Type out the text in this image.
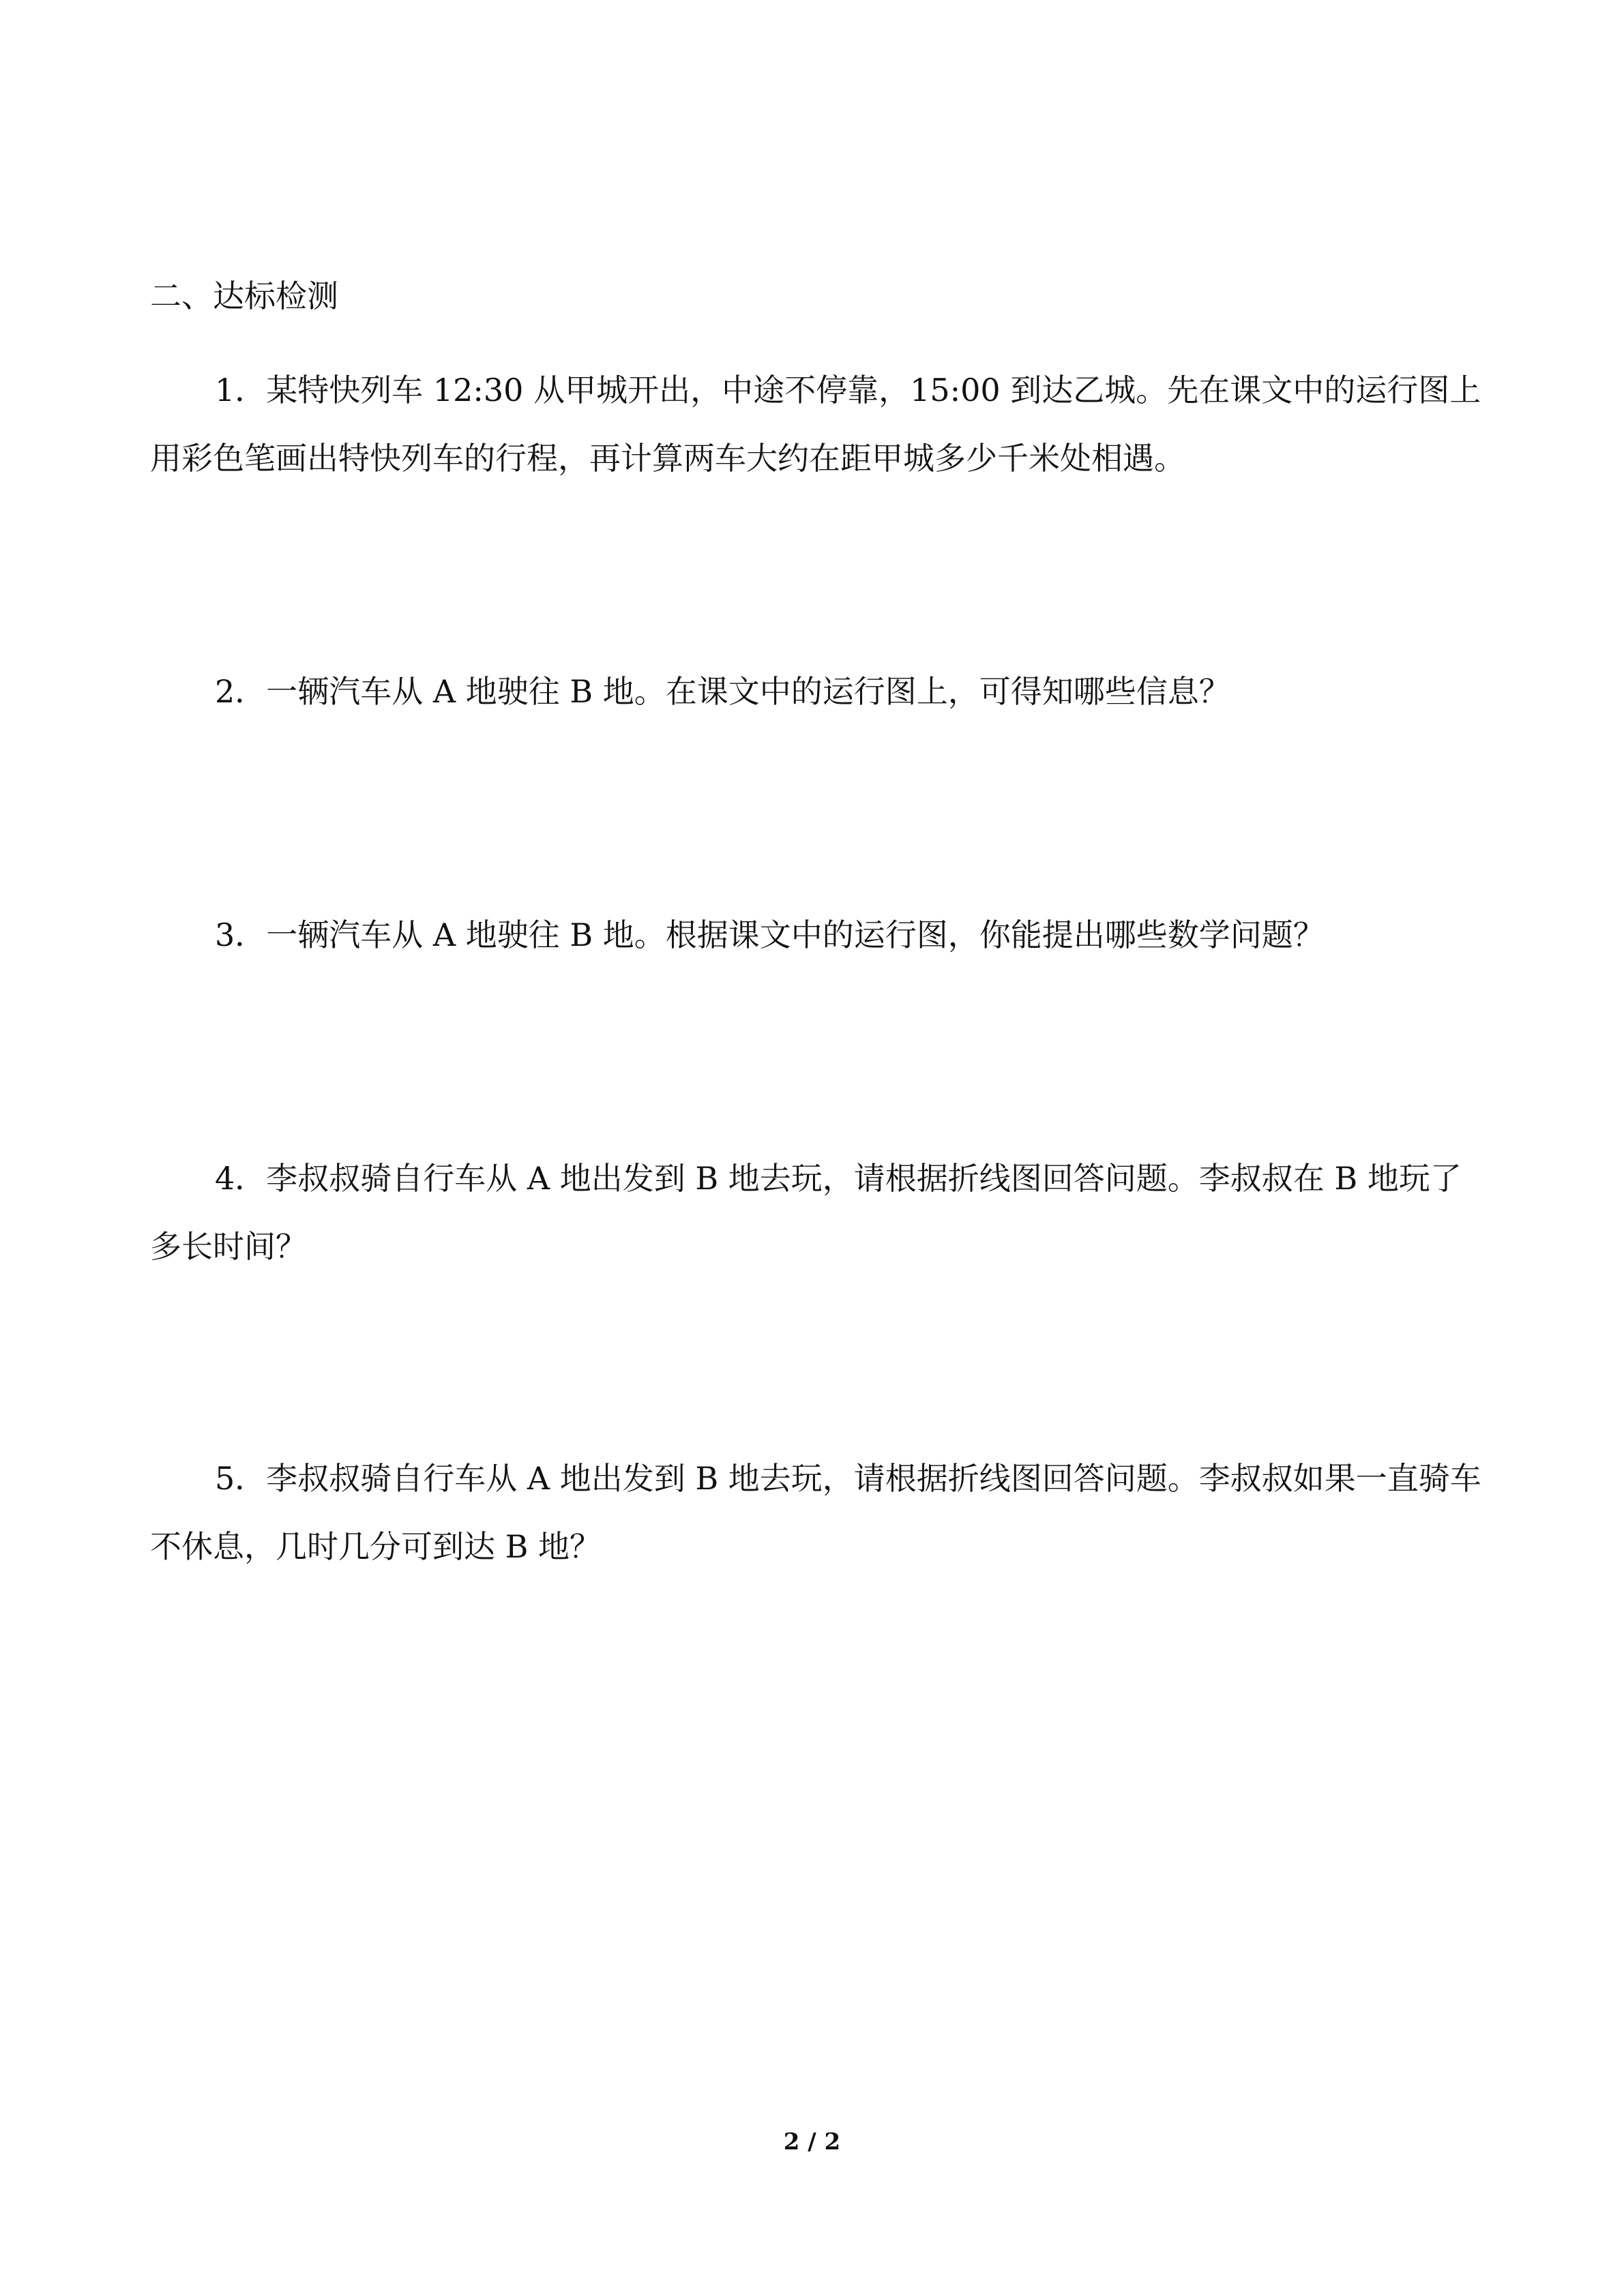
二、达标检测

1．某特快列车 12:30 从甲城开出，中途不停靠，15:00 到达乙城。先在课文中的运行图上用彩色笔画出特快列车的行程，再计算两车大约在距甲城多少千米处相遇。

2．一辆汽车从 A 地驶往 B 地。在课文中的运行图上，可得知哪些信息？

3．一辆汽车从 A 地驶往 B 地。根据课文中的运行图，你能提出哪些数学问题？

4．李叔叔骑自行车从 A 地出发到 B 地去玩，请根据折线图回答问题。李叔叔在 B 地玩了多长时间？

5．李叔叔骑自行车从 A 地出发到 B 地去玩，请根据折线图回答问题。李叔叔如果一直骑车不休息，几时几分可到达 B 地？

2 / 2
